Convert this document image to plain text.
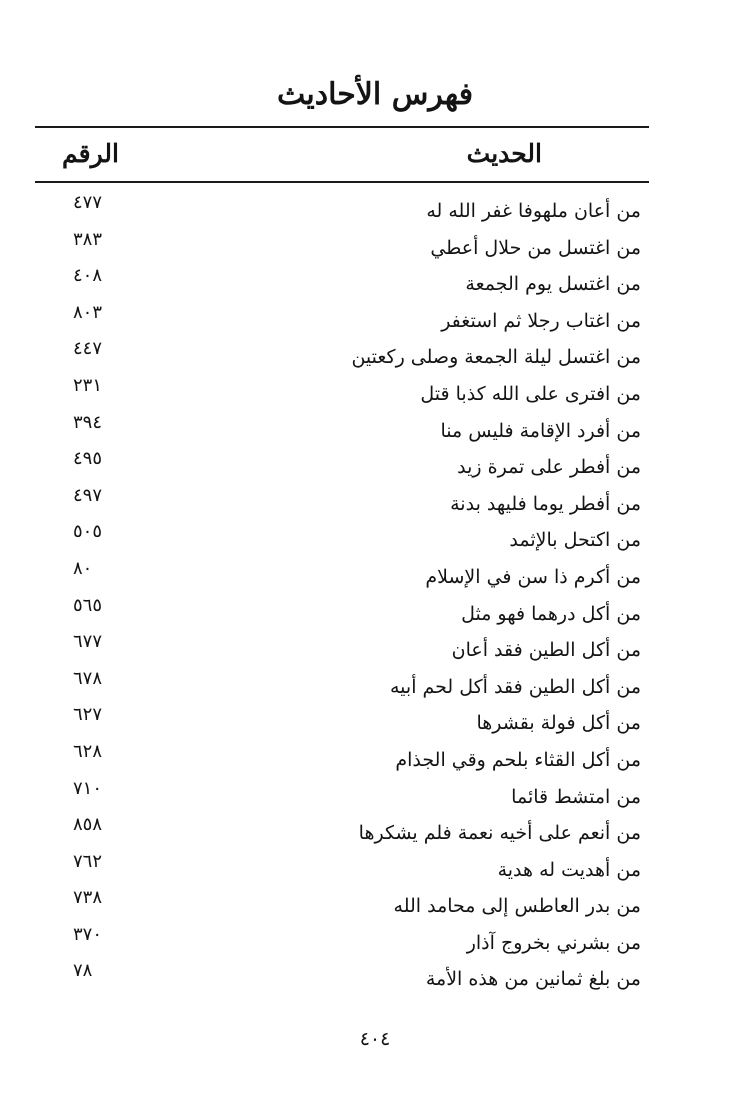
فهرس الأحاديث
الحديث
الرقم
من أعان ملهوفا غفر الله له
٤٧٧
من اغتسل من حلال أعطي
٣٨٣
من اغتسل يوم الجمعة
٤٠٨
من اغتاب رجلا ثم استغفر
٨٠٣
من اغتسل ليلة الجمعة وصلى ركعتين
٤٤٧
من افترى على الله كذبا قتل
٢٣١
من أفرد الإقامة فليس منا
٣٩٤
من أفطر على تمرة زيد
٤٩٥
من أفطر يوما فليهد بدنة
٤٩٧
من اكتحل بالإثمد
٥٠٥
من أكرم ذا سن في الإسلام
٨٠
من أكل درهما فهو مثل
٥٦٥
من أكل الطين فقد أعان
٦٧٧
من أكل الطين فقد أكل لحم أبيه
٦٧٨
من أكل فولة بقشرها
٦٢٧
من أكل القثاء بلحم وقي الجذام
٦٢٨
من امتشط قائما
٧١٠
من أنعم على أخيه نعمة فلم يشكرها
٨٥٨
من أهديت له هدية
٧٦٢
من بدر العاطس إلى محامد الله
٧٣٨
من بشرني بخروج آذار
٣٧٠
من بلغ ثمانين من هذه الأمة
٧٨
٤٠٤
